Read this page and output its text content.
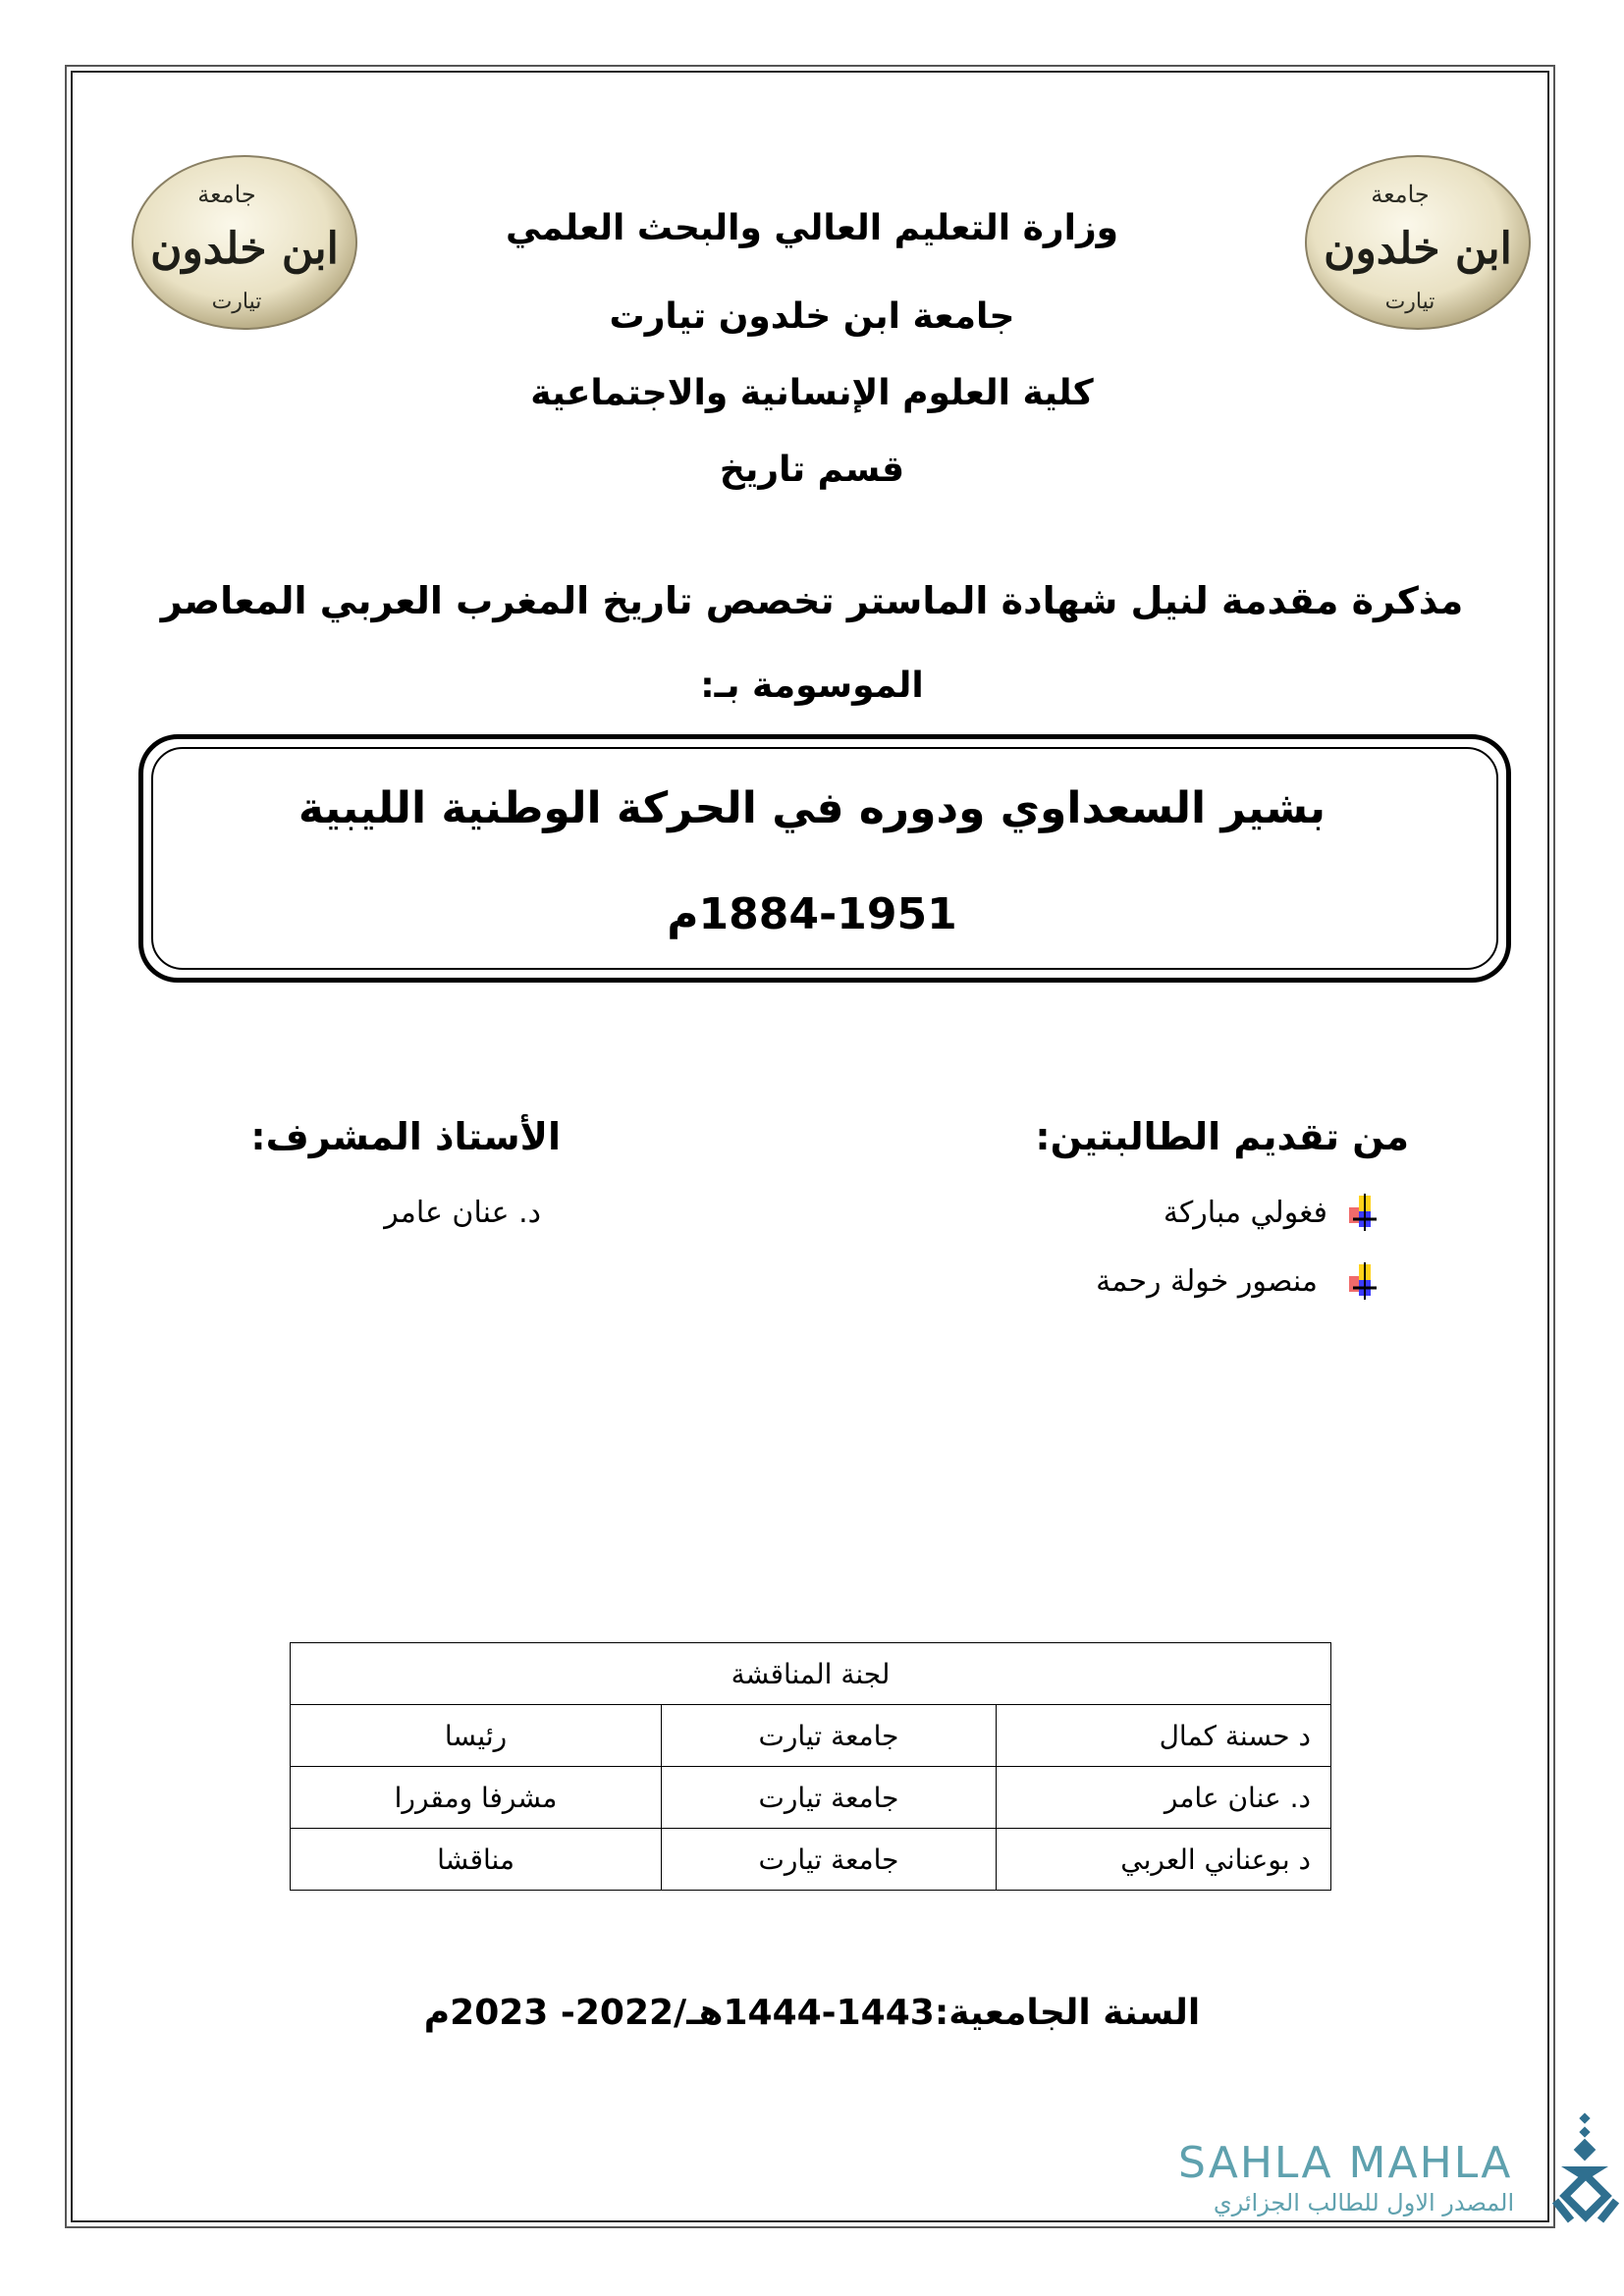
جامعة
ابن خلدون
تيارت
جامعة
ابن خلدون
تيارت
وزارة التعليم العالي والبحث العلمي
جامعة ابن خلدون تيارت
كلية العلوم الإنسانية والاجتماعية
قسم تاريخ
مذكرة مقدمة لنيل شهادة الماستر تخصص تاريخ المغرب العربي المعاصر
الموسومة بـ:
بشير السعداوي ودوره في الحركة الوطنية الليبية
1884-1951م
من تقديم الطالبتين:
فغولي مباركة
منصور خولة رحمة
الأستاذ المشرف:
د. عنان عامر
لجنة المناقشة		
د حسنة كمال	جامعة تيارت	رئيسا
د. عنان عامر	جامعة تيارت	مشرفا ومقررا
د بوعناني العربي	جامعة تيارت	مناقشا
السنة الجامعية:1443-1444هـ/2022- 2023م
SAHLA MAHLA
المصدر الاول للطالب الجزائري
